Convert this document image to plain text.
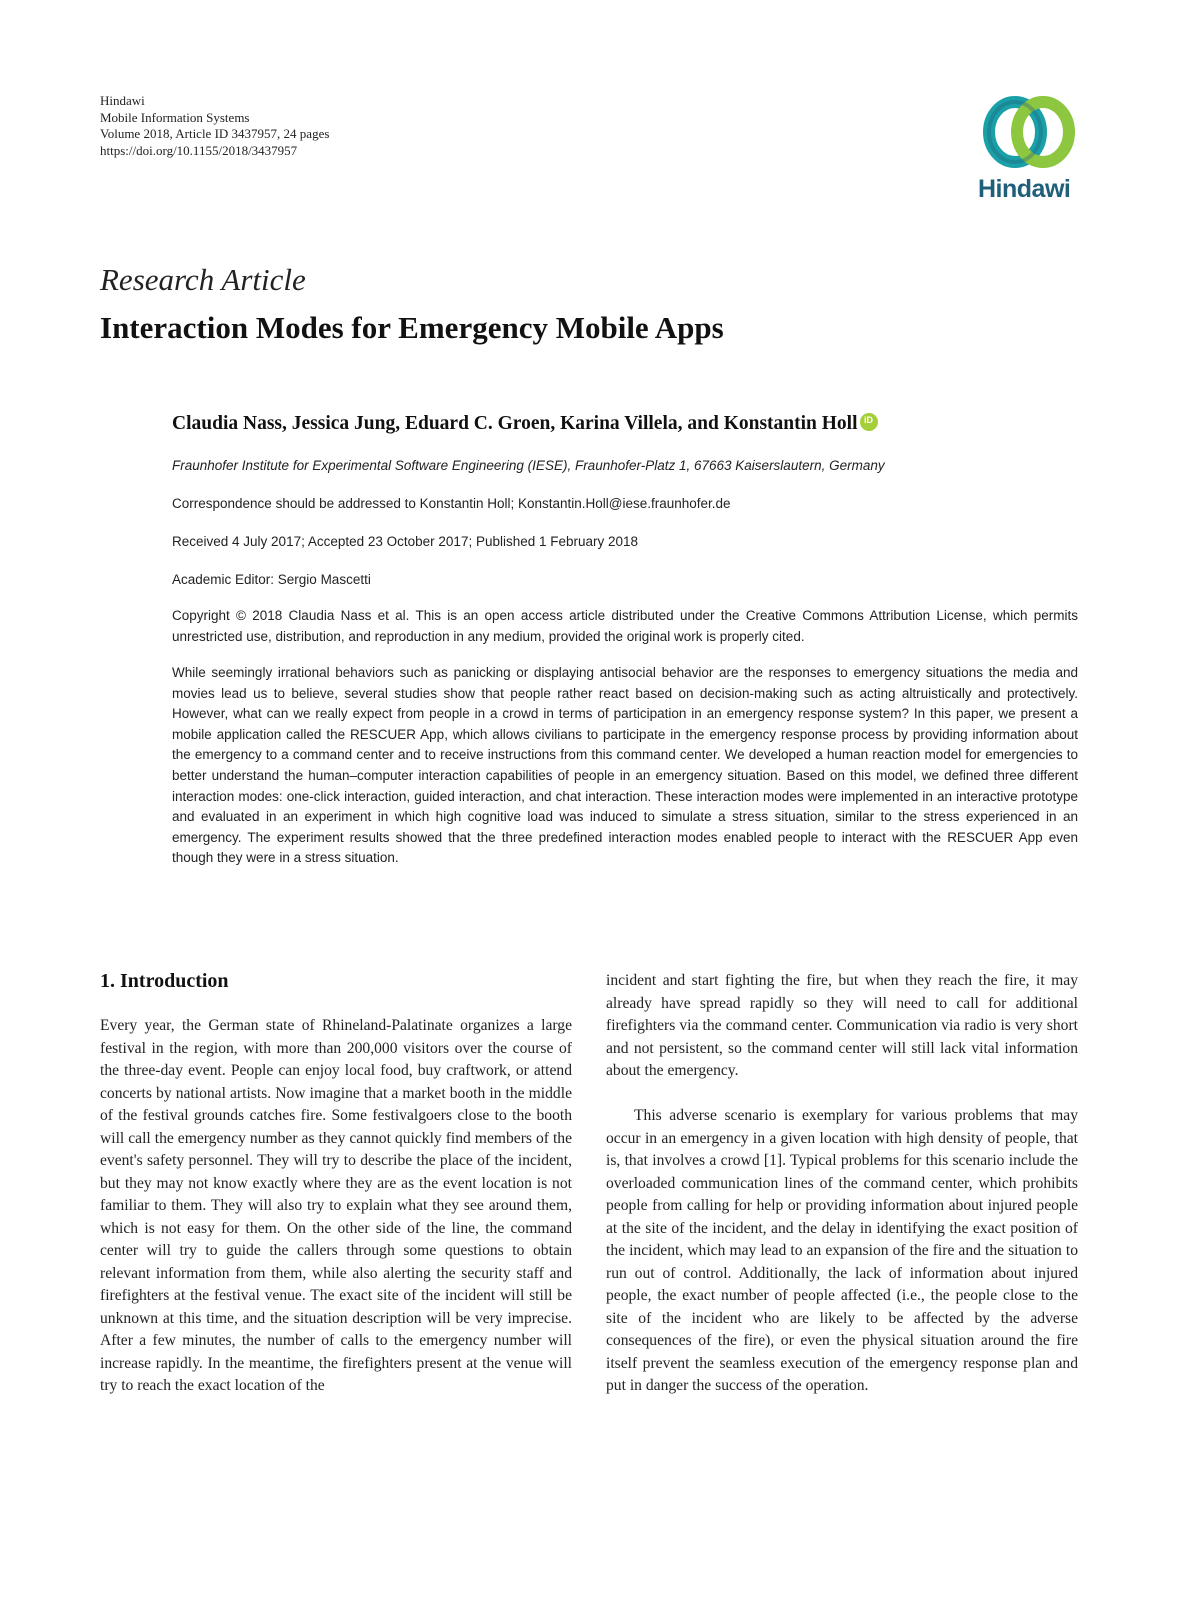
Hindawi
Mobile Information Systems
Volume 2018, Article ID 3437957, 24 pages
https://doi.org/10.1155/2018/3437957
Hindawi
Research Article
Interaction Modes for Emergency Mobile Apps
Claudia Nass, Jessica Jung, Eduard C. Groen, Karina Villela, and Konstantin HolliD
Fraunhofer Institute for Experimental Software Engineering (IESE), Fraunhofer-Platz 1, 67663 Kaiserslautern, Germany
Correspondence should be addressed to Konstantin Holl; Konstantin.Holl@iese.fraunhofer.de
Received 4 July 2017; Accepted 23 October 2017; Published 1 February 2018
Academic Editor: Sergio Mascetti

Copyright © 2018 Claudia Nass et al. This is an open access article distributed under the Creative Commons Attribution License, which permits unrestricted use, distribution, and reproduction in any medium, provided the original work is properly cited.

While seemingly irrational behaviors such as panicking or displaying antisocial behavior are the responses to emergency situations the media and movies lead us to believe, several studies show that people rather react based on decision-making such as acting altruistically and protectively. However, what can we really expect from people in a crowd in terms of participation in an emergency response system? In this paper, we present a mobile application called the RESCUER App, which allows civilians to participate in the emergency response process by providing information about the emergency to a command center and to receive instructions from this command center. We developed a human reaction model for emergencies to better understand the human–computer interaction capabilities of people in an emergency situation. Based on this model, we defined three different interaction modes: one-click interaction, guided interaction, and chat interaction. These interaction modes were implemented in an interactive prototype and evaluated in an experiment in which high cognitive load was induced to simulate a stress situation, similar to the stress experienced in an emergency. The experiment results showed that the three predefined interaction modes enabled people to interact with the RESCUER App even though they were in a stress situation.

1. Introduction

Every year, the German state of Rhineland-Palatinate organizes a large festival in the region, with more than 200,000 visitors over the course of the three-day event. People can enjoy local food, buy craftwork, or attend concerts by national artists. Now imagine that a market booth in the middle of the festival grounds catches fire. Some festivalgoers close to the booth will call the emergency number as they cannot quickly find members of the event's safety personnel. They will try to describe the place of the incident, but they may not know exactly where they are as the event location is not familiar to them. They will also try to explain what they see around them, which is not easy for them. On the other side of the line, the command center will try to guide the callers through some questions to obtain relevant information from them, while also alerting the security staff and firefighters at the festival venue. The exact site of the incident will still be unknown at this time, and the situation description will be very imprecise. After a few minutes, the number of calls to the emergency number will increase rapidly. In the meantime, the firefighters present at the venue will try to reach the exact location of the

incident and start fighting the fire, but when they reach the fire, it may already have spread rapidly so they will need to call for additional firefighters via the command center. Communication via radio is very short and not persistent, so the command center will still lack vital information about the emergency.

This adverse scenario is exemplary for various problems that may occur in an emergency in a given location with high density of people, that is, that involves a crowd [1]. Typical problems for this scenario include the overloaded communication lines of the command center, which prohibits people from calling for help or providing information about injured people at the site of the incident, and the delay in identifying the exact position of the incident, which may lead to an expansion of the fire and the situation to run out of control. Additionally, the lack of information about injured people, the exact number of people affected (i.e., the people close to the site of the incident who are likely to be affected by the adverse consequences of the fire), or even the physical situation around the fire itself prevent the seamless execution of the emergency response plan and put in danger the success of the operation.
